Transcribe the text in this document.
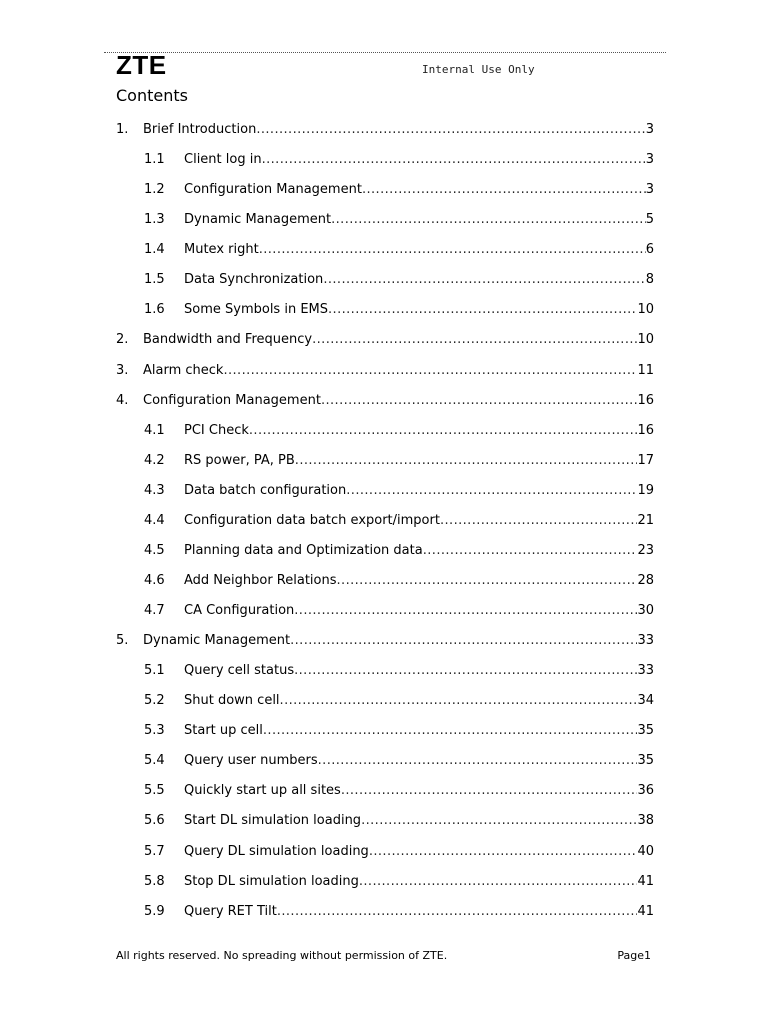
ZTE	Internal Use Only
Contents
1. Brief Introduction .....	3
1.1 Client log in .....	3
1.2 Configuration Management .....	3
1.3 Dynamic Management .....	5
1.4 Mutex right .....	6
1.5 Data Synchronization .....	8
1.6 Some Symbols in EMS .....	10
2. Bandwidth and Frequency .....	10
3. Alarm check .....	11
4. Configuration Management .....	16
4.1 PCI Check .....	16
4.2 RS power, PA, PB .....	17
4.3 Data batch configuration .....	19
4.4 Configuration data batch export/import .....	21
4.5 Planning data and Optimization data .....	23
4.6 Add Neighbor Relations .....	28
4.7 CA Configuration .....	30
5. Dynamic Management .....	33
5.1 Query cell status .....	33
5.2 Shut down cell .....	34
5.3 Start up cell .....	35
5.4 Query user numbers .....	35
5.5 Quickly start up all sites .....	36
5.6 Start DL simulation loading .....	38
5.7 Query DL simulation loading .....	40
5.8 Stop DL simulation loading .....	41
5.9 Query RET Tilt .....	41
All rights reserved. No spreading without permission of ZTE.	Page1
